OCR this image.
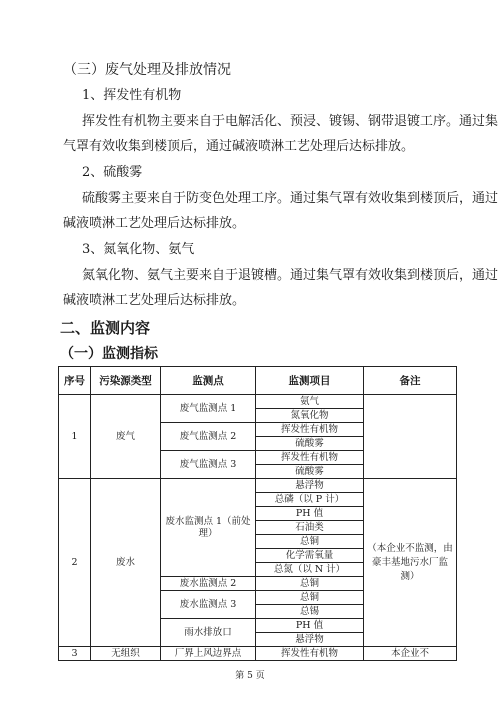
（三）废气处理及排放情况
1、挥发性有机物
挥发性有机物主要来自于电解活化、预浸、镀锡、钢带退镀工序。通过集
气罩有效收集到楼顶后，通过碱液喷淋工艺处理后达标排放。
2、硫酸雾
硫酸雾主要来自于防变色处理工序。通过集气罩有效收集到楼顶后，通过
碱液喷淋工艺处理后达标排放。
3、氮氧化物、氨气
氮氧化物、氨气主要来自于退镀槽。通过集气罩有效收集到楼顶后，通过
碱液喷淋工艺处理后达标排放。
二、监测内容
（一）监测指标
序号	污染源类型	监测点	监测项目	备注
1	废气	废气监测点 1	氨气	
			氮氧化物	
		废气监测点 2	挥发性有机物	
			硫酸雾	
		废气监测点 3	挥发性有机物	
			硫酸雾	
2	废水	废水监测点 1（前处理）	悬浮物	（本企业不监测，由豪丰基地污水厂监测）
			总磷（以 P 计）	
			PH 值	
			石油类	
			总铜	
			化学需氧量	
			总氮（以 N 计）	
		废水监测点 2	总铜	
		废水监测点 3	总铜	
			总锡	
		雨水排放口	PH 值	
			悬浮物	
3	无组织	厂界上风边界点	挥发性有机物	本企业不
第 5 页
